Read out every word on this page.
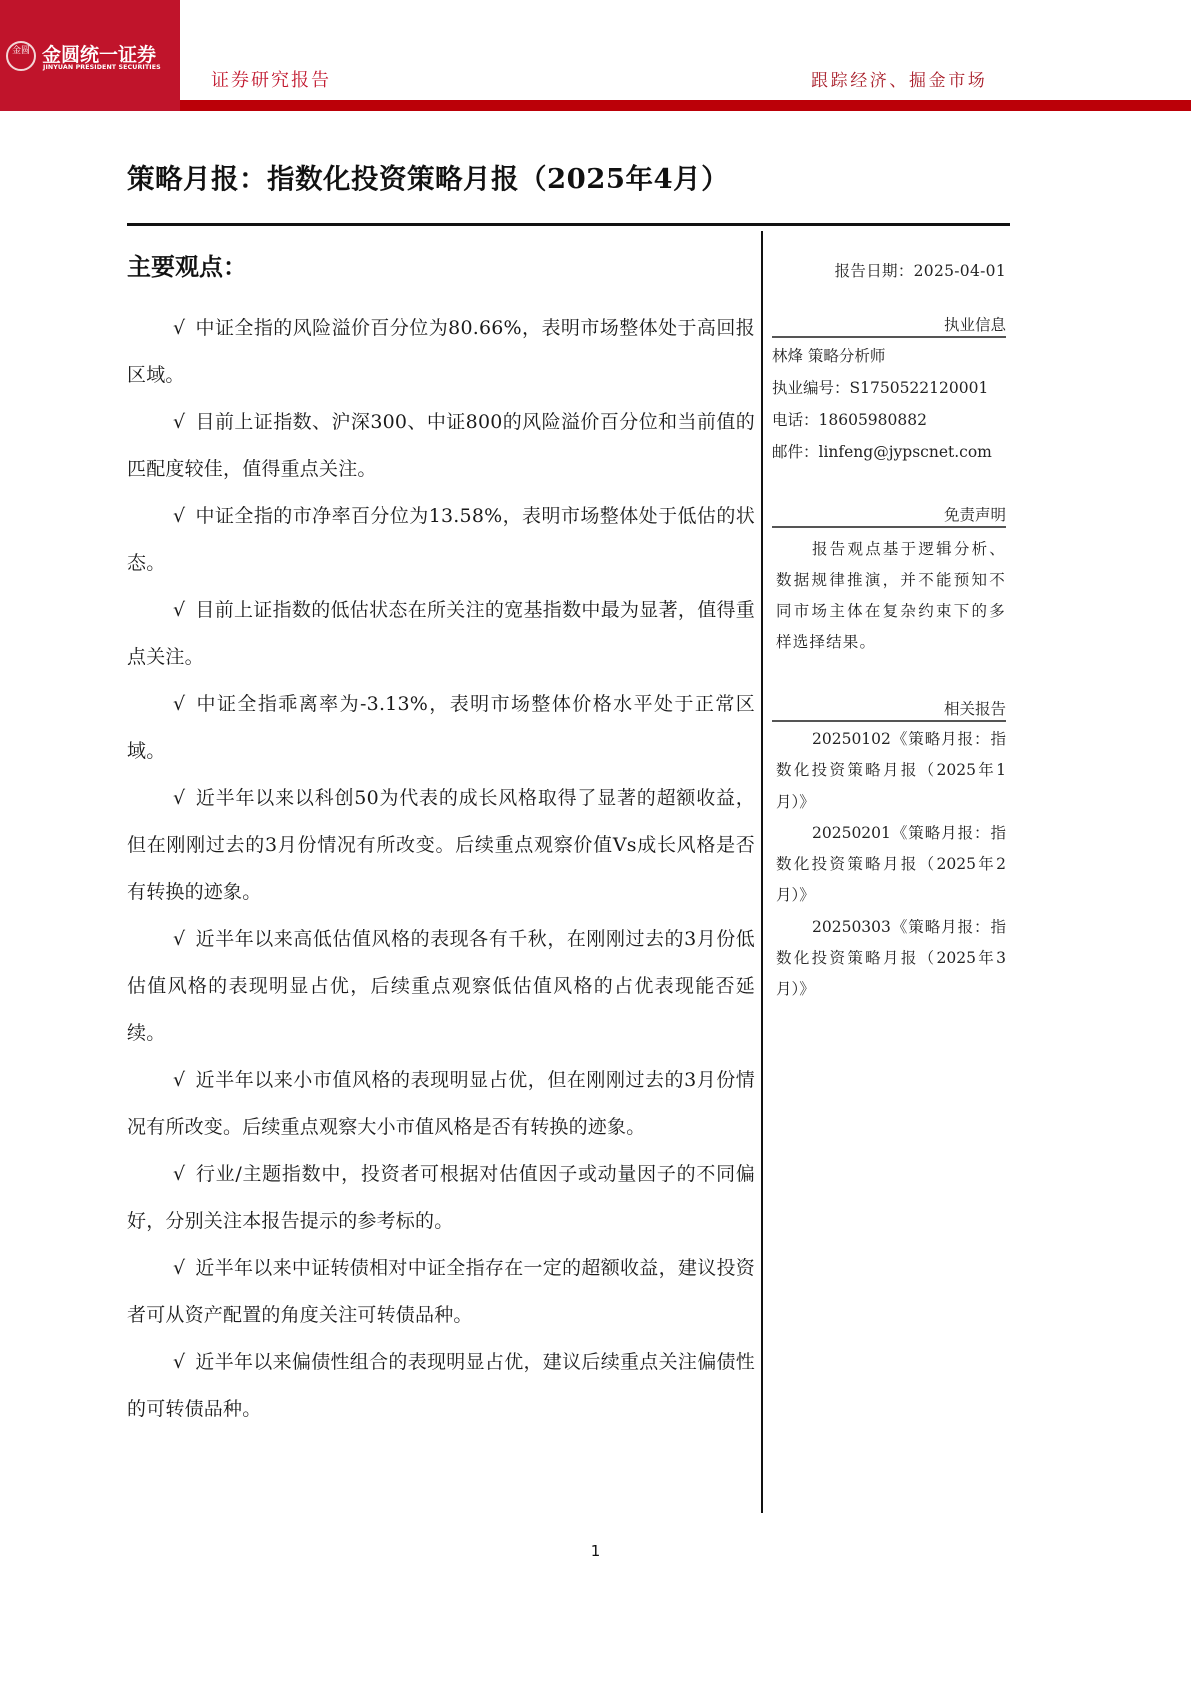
金圆 金圆统一证券
JINYUAN PRESIDENT SECURITIES
证券研究报告	跟踪经济、掘金市场
策略月报：指数化投资策略月报（2025年4月）
主要观点：

√ 中证全指的风险溢价百分位为80.66%，表明市场整体处于高回报区域。

√ 目前上证指数、沪深300、中证800的风险溢价百分位和当前值的匹配度较佳，值得重点关注。

√ 中证全指的市净率百分位为13.58%，表明市场整体处于低估的状态。

√ 目前上证指数的低估状态在所关注的宽基指数中最为显著，值得重点关注。

√ 中证全指乖离率为-3.13%，表明市场整体价格水平处于正常区域。

√ 近半年以来以科创50为代表的成长风格取得了显著的超额收益，但在刚刚过去的3月份情况有所改变。后续重点观察价值Vs成长风格是否有转换的迹象。

√ 近半年以来高低估值风格的表现各有千秋，在刚刚过去的3月份低估值风格的表现明显占优，后续重点观察低估值风格的占优表现能否延续。

√ 近半年以来小市值风格的表现明显占优，但在刚刚过去的3月份情况有所改变。后续重点观察大小市值风格是否有转换的迹象。

√ 行业/主题指数中，投资者可根据对估值因子或动量因子的不同偏好，分别关注本报告提示的参考标的。

√ 近半年以来中证转债相对中证全指存在一定的超额收益，建议投资者可从资产配置的角度关注可转债品种。

√ 近半年以来偏债性组合的表现明显占优，建议后续重点关注偏债性的可转债品种。

报告日期：2025-04-01
执业信息
林烽 策略分析师
执业编号：S1750522120001
电话：18605980882
邮件：linfeng@jypscnet.com
免责声明

报告观点基于逻辑分析、数据规律推演，并不能预知不同市场主体在复杂约束下的多样选择结果。

相关报告

20250102《策略月报：指数化投资策略月报（2025年1月）》

20250201《策略月报：指数化投资策略月报（2025年2月）》

20250303《策略月报：指数化投资策略月报（2025年3月）》

1
